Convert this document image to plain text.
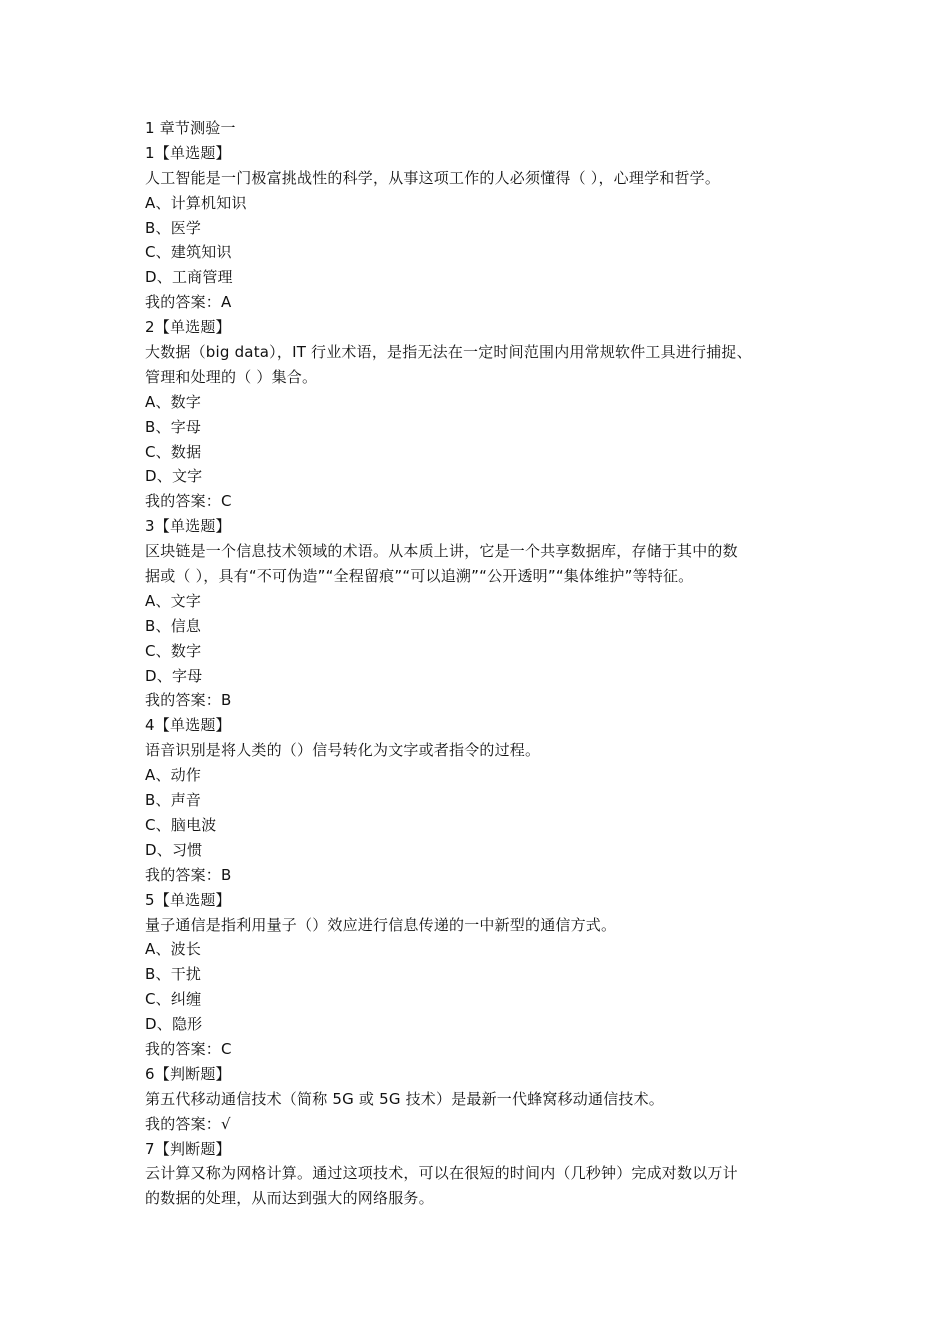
1 章节测验一
1【单选题】
人工智能是一门极富挑战性的科学，从事这项工作的人必须懂得（ ），心理学和哲学。
A、计算机知识
B、医学
C、建筑知识
D、工商管理
我的答案：A
2【单选题】
大数据（big data），IT 行业术语，是指无法在一定时间范围内用常规软件工具进行捕捉、
管理和处理的（ ）集合。
A、数字
B、字母
C、数据
D、文字
我的答案：C
3【单选题】
区块链是一个信息技术领域的术语。从本质上讲，它是一个共享数据库，存储于其中的数
据或（ ），具有“不可伪造”“全程留痕”“可以追溯”“公开透明”“集体维护”等特征。
A、文字
B、信息
C、数字
D、字母
我的答案：B
4【单选题】
语音识别是将人类的（）信号转化为文字或者指令的过程。
A、动作
B、声音
C、脑电波
D、习惯
我的答案：B
5【单选题】
量子通信是指利用量子（）效应进行信息传递的一中新型的通信方式。
A、波长
B、干扰
C、纠缠
D、隐形
我的答案：C
6【判断题】
第五代移动通信技术（简称 5G 或 5G 技术）是最新一代蜂窝移动通信技术。
我的答案：√
7【判断题】
云计算又称为网格计算。通过这项技术，可以在很短的时间内（几秒钟）完成对数以万计
的数据的处理，从而达到强大的网络服务。
